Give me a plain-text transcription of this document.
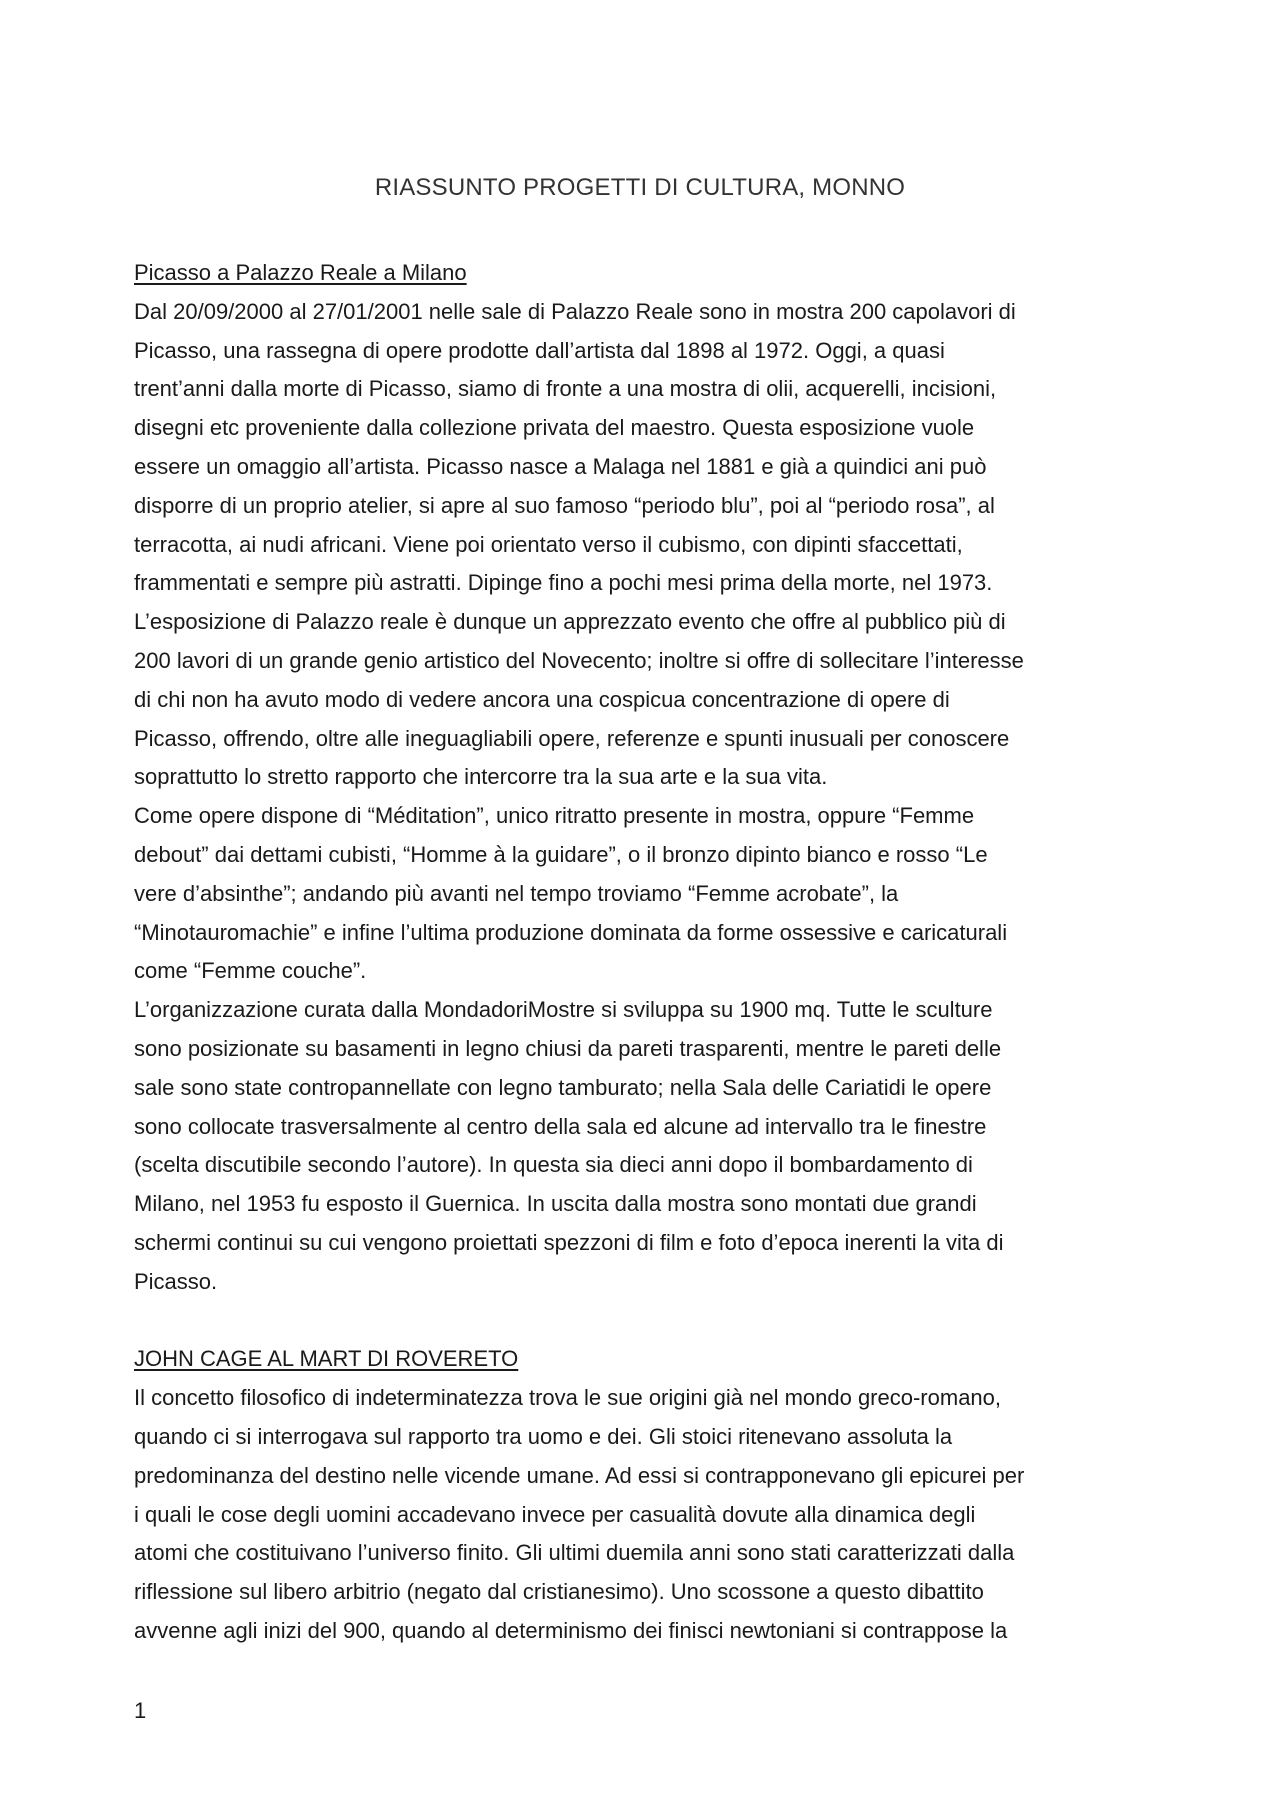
RIASSUNTO PROGETTI DI CULTURA, MONNO
Picasso a Palazzo Reale a Milano

Dal 20/09/2000 al 27/01/2001 nelle sale di Palazzo Reale sono in mostra 200 capolavori di
Picasso, una rassegna di opere prodotte dall’artista dal 1898 al 1972. Oggi, a quasi
trent’anni dalla morte di Picasso, siamo di fronte a una mostra di olii, acquerelli, incisioni,
disegni etc proveniente dalla collezione privata del maestro. Questa esposizione vuole
essere un omaggio all’artista. Picasso nasce a Malaga nel 1881 e già a quindici ani può
disporre di un proprio atelier, si apre al suo famoso “periodo blu”, poi al “periodo rosa”, al
terracotta, ai nudi africani. Viene poi orientato verso il cubismo, con dipinti sfaccettati,
frammentati e sempre più astratti. Dipinge fino a pochi mesi prima della morte, nel 1973.
L’esposizione di Palazzo reale è dunque un apprezzato evento che offre al pubblico più di
200 lavori di un grande genio artistico del Novecento; inoltre si offre di sollecitare l’interesse
di chi non ha avuto modo di vedere ancora una cospicua concentrazione di opere di
Picasso, offrendo, oltre alle ineguagliabili opere, referenze e spunti inusuali per conoscere
soprattutto lo stretto rapporto che intercorre tra la sua arte e la sua vita.

Come opere dispone di “Méditation”, unico ritratto presente in mostra, oppure “Femme
debout” dai dettami cubisti, “Homme à la guidare”, o il bronzo dipinto bianco e rosso “Le
vere d’absinthe”; andando più avanti nel tempo troviamo “Femme acrobate”, la
“Minotauromachie” e infine l’ultima produzione dominata da forme ossessive e caricaturali
come “Femme couche”.

L’organizzazione curata dalla MondadoriMostre si sviluppa su 1900 mq. Tutte le sculture
sono posizionate su basamenti in legno chiusi da pareti trasparenti, mentre le pareti delle
sale sono state contropannellate con legno tamburato; nella Sala delle Cariatidi le opere
sono collocate trasversalmente al centro della sala ed alcune ad intervallo tra le finestre
(scelta discutibile secondo l’autore). In questa sia dieci anni dopo il bombardamento di
Milano, nel 1953 fu esposto il Guernica. In uscita dalla mostra sono montati due grandi
schermi continui su cui vengono proiettati spezzoni di film e foto d’epoca inerenti la vita di
Picasso.

JOHN CAGE AL MART DI ROVERETO

Il concetto filosofico di indeterminatezza trova le sue origini già nel mondo greco-romano,
quando ci si interrogava sul rapporto tra uomo e dei. Gli stoici ritenevano assoluta la
predominanza del destino nelle vicende umane. Ad essi si contrapponevano gli epicurei per
i quali le cose degli uomini accadevano invece per casualità dovute alla dinamica degli
atomi che costituivano l’universo finito. Gli ultimi duemila anni sono stati caratterizzati dalla
riflessione sul libero arbitrio (negato dal cristianesimo). Uno scossone a questo dibattito
avvenne agli inizi del 900, quando al determinismo dei finisci newtoniani si contrappose la

1
